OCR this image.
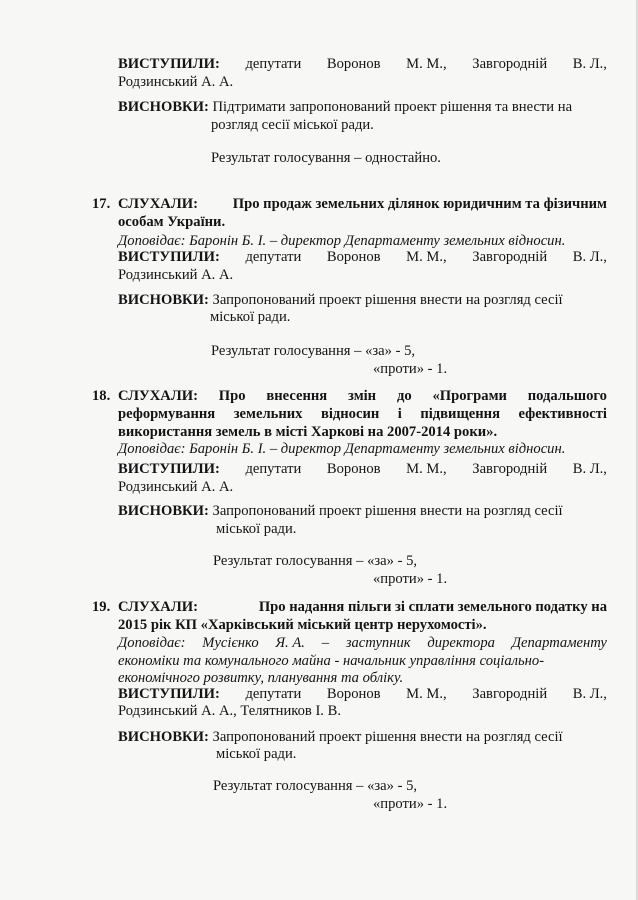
ВИСТУПИЛИ: депутати Воронов М. М., Завгородній В. Л.,
Родзинський А. А.
ВИСНОВКИ: Підтримати запропонований проект рішення та внести на
розгляд сесії міської ради.
Результат голосування – одностайно.
17. СЛУХАЛИ: Про продаж земельних ділянок юридичним та фізичним
особам України.
Доповідає: Баронін Б. І. – директор Департаменту земельних відносин.
ВИСТУПИЛИ: депутати Воронов М. М., Завгородній В. Л.,
Родзинський А. А.
ВИСНОВКИ: Запропонований проект рішення внести на розгляд сесії
міської ради.
Результат голосування – «за» - 5,
«проти» - 1.
18. СЛУХАЛИ: Про внесення змін до «Програми подальшого
реформування земельних відносин і підвищення ефективності
використання земель в місті Харкові на 2007-2014 роки».
Доповідає: Баронін Б. І. – директор Департаменту земельних відносин.
ВИСТУПИЛИ: депутати Воронов М. М., Завгородній В. Л.,
Родзинський А. А.
ВИСНОВКИ: Запропонований проект рішення внести на розгляд сесії
міської ради.
Результат голосування – «за» - 5,
«проти» - 1.
19. СЛУХАЛИ:	Про надання пільги зі сплати земельного податку на
2015 рік КП «Харківський міський центр нерухомості».
Доповідає: Мусієнко Я. А. – заступник директора Департаменту
економіки та комунального майна - начальник управління соціально-
економічного розвитку, планування та обліку.
ВИСТУПИЛИ: депутати Воронов М. М., Завгородній В. Л.,
Родзинський А. А., Телятников І. В.
ВИСНОВКИ: Запропонований проект рішення внести на розгляд сесії
міської ради.
Результат голосування – «за» - 5,
«проти» - 1.
